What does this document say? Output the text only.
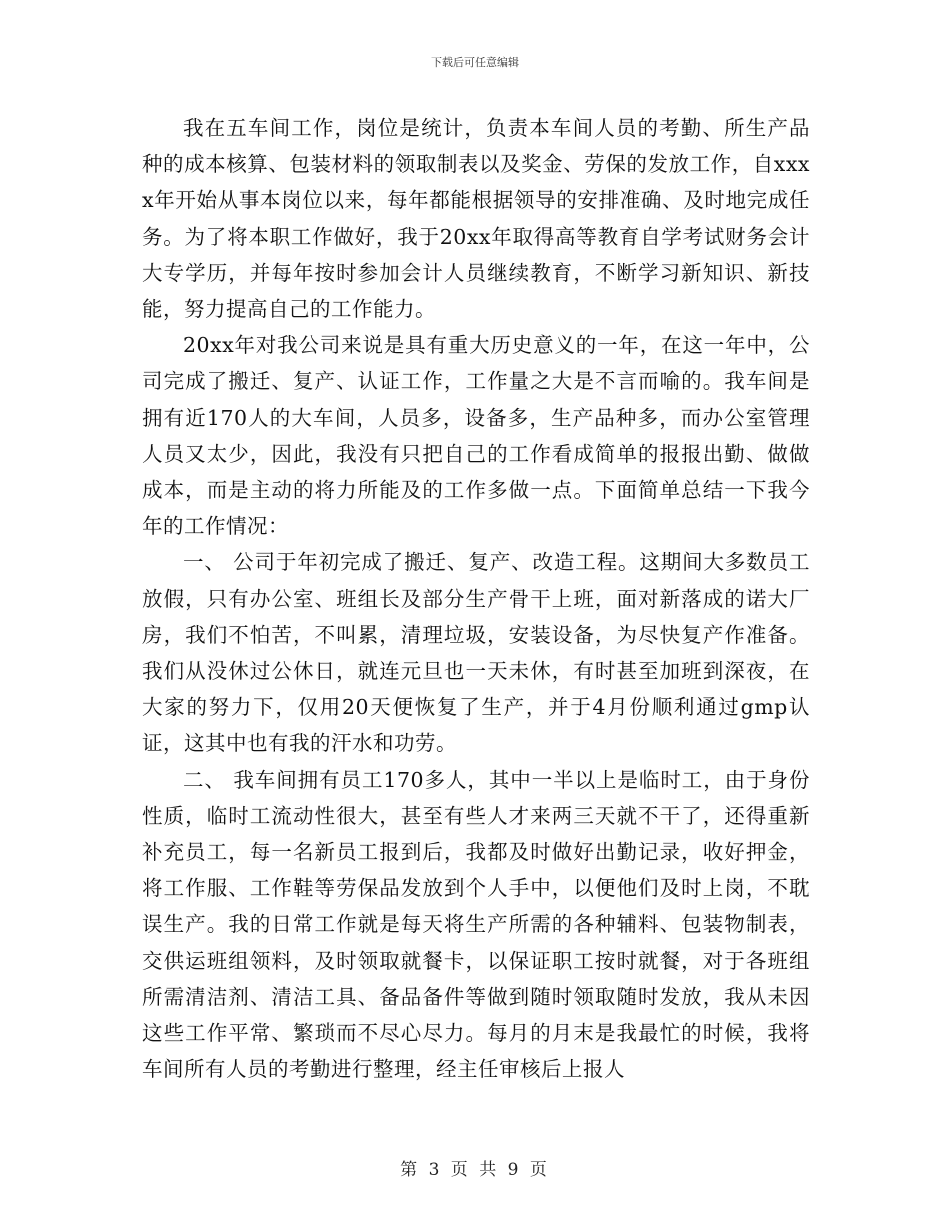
下载后可任意编辑

我在五车间工作，岗位是统计，负责本车间人员的考勤、所生产品种的成本核算、包装材料的领取制表以及奖金、劳保的发放工作，自xxxx年开始从事本岗位以来，每年都能根据领导的安排准确、及时地完成任务。为了将本职工作做好，我于20xx年取得高等教育自学考试财务会计大专学历，并每年按时参加会计人员继续教育，不断学习新知识、新技能，努力提高自己的工作能力。

20xx年对我公司来说是具有重大历史意义的一年，在这一年中，公司完成了搬迁、复产、认证工作，工作量之大是不言而喻的。我车间是拥有近170人的大车间，人员多，设备多，生产品种多，而办公室管理人员又太少，因此，我没有只把自己的工作看成简单的报报出勤、做做成本，而是主动的将力所能及的工作多做一点。下面简单总结一下我今年的工作情况：

一、 公司于年初完成了搬迁、复产、改造工程。这期间大多数员工放假，只有办公室、班组长及部分生产骨干上班，面对新落成的诺大厂房，我们不怕苦，不叫累，清理垃圾，安装设备，为尽快复产作准备。我们从没休过公休日，就连元旦也一天未休，有时甚至加班到深夜，在大家的努力下，仅用20天便恢复了生产，并于4月份顺利通过gmp认证，这其中也有我的汗水和功劳。

二、 我车间拥有员工170多人，其中一半以上是临时工，由于身份性质，临时工流动性很大，甚至有些人才来两三天就不干了，还得重新补充员工，每一名新员工报到后，我都及时做好出勤记录，收好押金，将工作服、工作鞋等劳保品发放到个人手中，以便他们及时上岗，不耽误生产。我的日常工作就是每天将生产所需的各种辅料、包装物制表，交供运班组领料，及时领取就餐卡，以保证职工按时就餐，对于各班组所需清洁剂、清洁工具、备品备件等做到随时领取随时发放，我从未因这些工作平常、繁琐而不尽心尽力。每月的月末是我最忙的时候，我将车间所有人员的考勤进行整理，经主任审核后上报人

第 3 页 共 9 页
